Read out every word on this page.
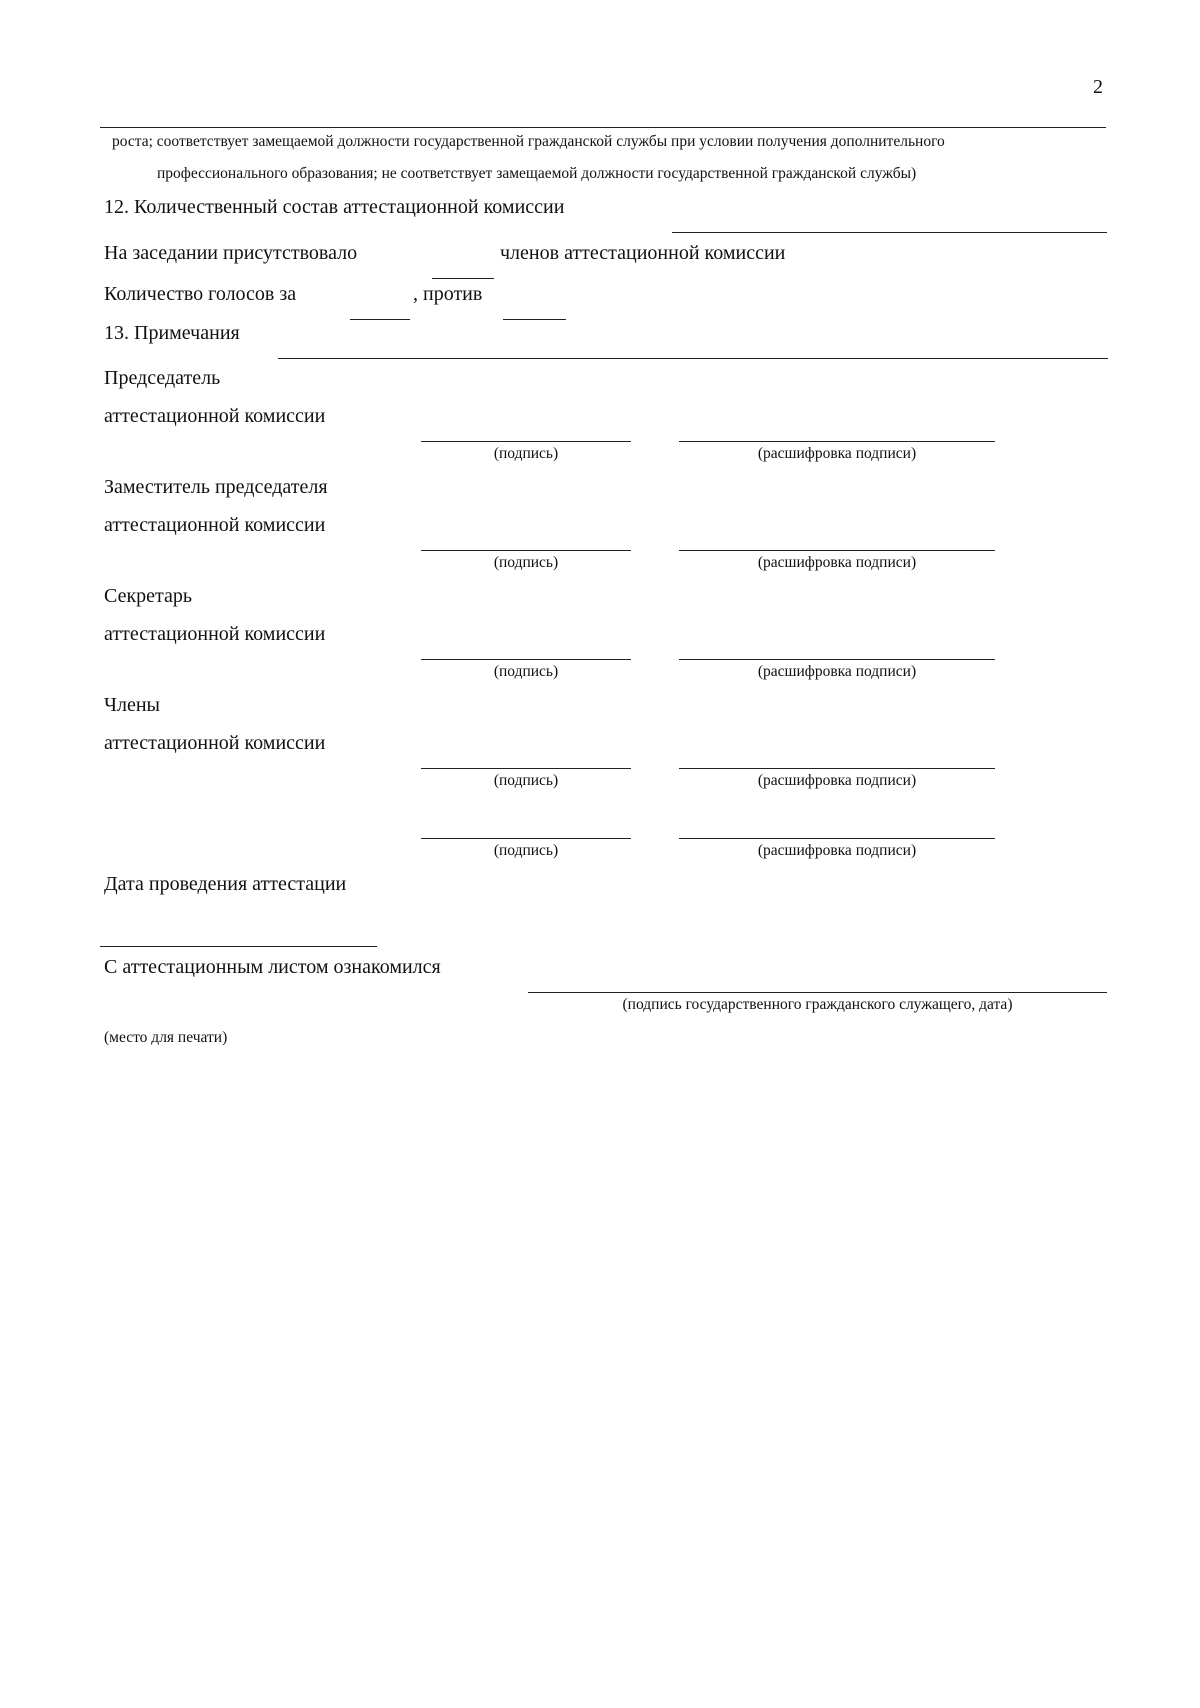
2
роста; соответствует замещаемой должности государственной гражданской службы при условии получения дополнительного
профессионального образования; не соответствует замещаемой должности государственной гражданской службы)
12. Количественный состав аттестационной комиссии
На заседании присутствовало	членов аттестационной комиссии
Количество голосов за	, против
13. Примечания
Председатель
аттестационной комиссии
(подпись)	(расшифровка подписи)
Заместитель председателя
аттестационной комиссии
(подпись)	(расшифровка подписи)
Секретарь
аттестационной комиссии
(подпись)	(расшифровка подписи)
Члены
аттестационной комиссии
(подпись)	(расшифровка подписи)
(подпись)	(расшифровка подписи)
Дата проведения аттестации
С аттестационным листом ознакомился
(подпись государственного гражданского служащего, дата)
(место для печати)
